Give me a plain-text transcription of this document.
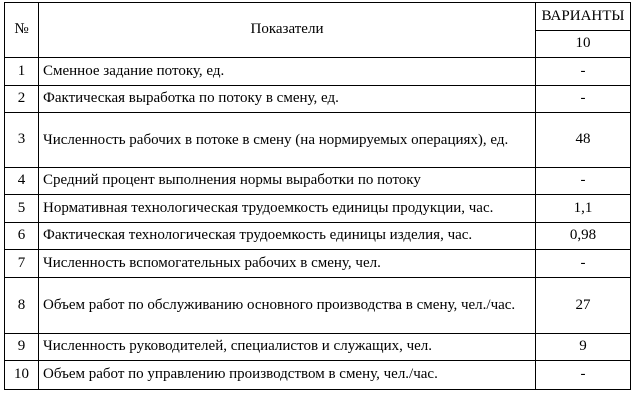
№	Показатели	ВАРИАНТЫ
		10
1	Сменное задание потоку, ед.	-
2	Фактическая выработка по потоку в смену, ед.	-
3	Численность рабочих в потоке в смену (на нормируемых операциях), ед.	48
4	Средний процент выполнения нормы выработки по потоку	-
5	Нормативная технологическая трудоемкость единицы продукции, час.	1,1
6	Фактическая технологическая трудоемкость единицы изделия, час.	0,98
7	Численность вспомогательных рабочих в смену, чел.	-
8	Объем работ по обслуживанию основного производства в смену, чел./час.	27
9	Численность руководителей, специалистов и служащих, чел.	9
10	Объем работ по управлению производством в смену, чел./час.	-
